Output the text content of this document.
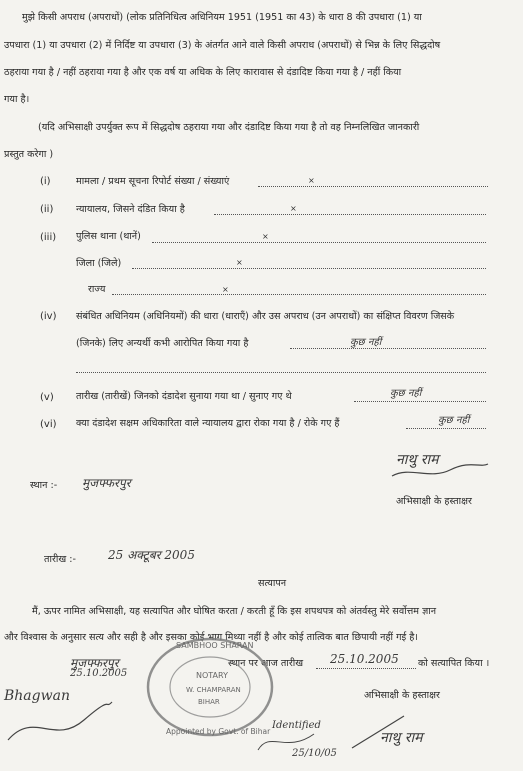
मुझे किसी अपराध (अपराधों) (लोक प्रतिनिधित्व अधिनियम 1951 (1951 का 43) के धारा 8 की उपधारा (1) या
उपधारा (1) या उपधारा (2) में निर्दिष्ट या उपधारा (3) के अंतर्गत आने वाले किसी अपराध (अपराधों) से भिन्न के लिए सिद्धदोष
ठहराया गया है / नहीं ठहराया गया है और एक वर्ष या अधिक के लिए कारावास से दंडादिष्ट किया गया है / नहीं किया
गया है।
(यदि अभिसाक्षी उपर्युक्त रूप में सिद्धदोष ठहराया गया और दंडादिष्ट किया गया है तो वह निम्नलिखित जानकारी
प्रस्तुत करेगा )
(i)	मामला / प्रथम सूचना रिपोर्ट संख्या / संख्याएं	×
(ii) न्यायालय, जिसने दंडित किया है	×
(iii) पुलिस थाना (थानें)	×
जिला (जिले)	×
राज्य	×
(iv) संबंधित अधिनियम (अधिनियमों) की धारा (धाराएँ) और उस अपराध (उन अपराधों) का संक्षिप्त विवरण जिसके
(जिनके) लिए अन्यर्थी कभी आरोपित किया गया है	कुछ नहीं
(v) तारीख (तारीखें) जिनको दंडादेश सुनाया गया था / सुनाए गए थे	कुछ नहीं
(vi) क्या दंडादेश सक्षम अधिकारिता वाले न्यायालय द्वारा रोका गया है / रोके गए हैं	कुछ नहीं
स्थान :- मुजफ्फरपुर
नाथु राम
अभिसाक्षी के हस्ताक्षर
तारीख :-	25 अक्टूबर 2005
सत्यापन
मैं, ऊपर नामित अभिसाक्षी, यह सत्यापित और घोषित करता / करती हूँ कि इस शपथपत्र को अंतर्वस्तु मेरे सर्वोत्तम ज्ञान
और विश्वास के अनुसार सत्य और सही है और इसका कोई भाग मिथ्या नहीं है और कोई तात्विक बात छिपायी नहीं गई है।
मुजफ्फरपुर	स्थान पर आज तारीख 25.10.2005 को सत्यापित किया ।
अभिसाक्षी के हस्ताक्षर
नाथु राम
SAMBHOO SHARAN
NOTARY
W. CHAMPARAN
BIHAR
Appointed by Govt. of Bihar
Bhagwan
25.10.2005
Identified
25/10/05
